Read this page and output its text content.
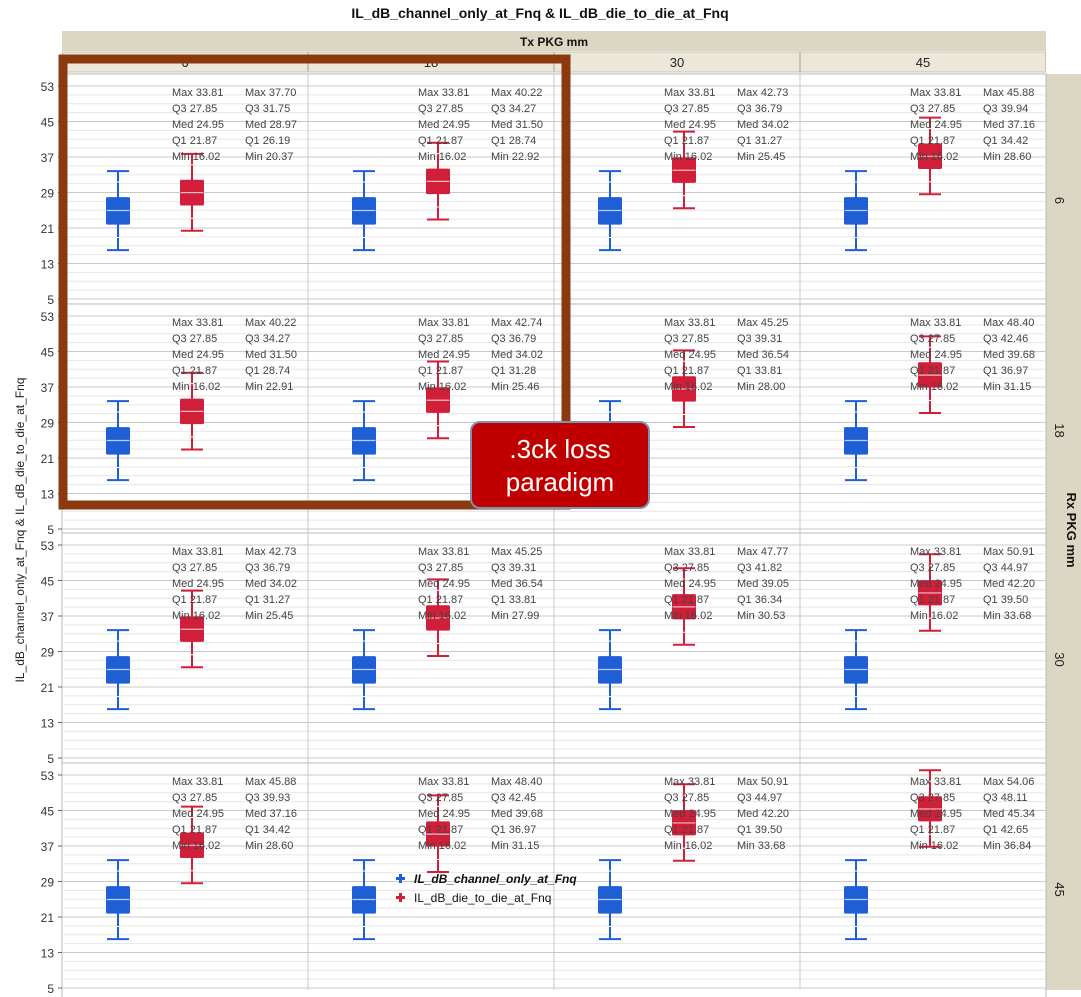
IL_dB_channel_only_at_Fnq & IL_dB_die_to_die_at_Fnq
Tx PKG mm
6	18	30	45
Rx PKG mm
6
18
30
45
IL_dB_channel_only_at_Fnq & IL_dB_die_to_die_at_Fnq
5
13
21
29
37
45
53
5
13
21
29
37
45
53
5
13
21
29
37
45
53
5
13
21
29
37
45
53
Max 33.81 Max 37.70
Q3 27.85	Q3 31.75
Med 24.95 Med 28.97
Q1 21.87	Q1 26.19
Min 16.02 Min 20.37
Max 33.81 Max 40.22
Q3 27.85	Q3 34.27
Med 24.95 Med 31.50
Q1 21.87	Q1 28.74
Min 16.02 Min 22.92
Max 33.81 Max 42.73
Q3 27.85	Q3 36.79
Med 24.95 Med 34.02
Q1 21.87	Q1 31.27
Min 16.02 Min 25.45
Max 33.81 Max 45.88
Q3 27.85	Q3 39.94
Med 24.95 Med 37.16
Q1 21.87	Q1 34.42
Min 16.02 Min 28.60
Max 33.81 Max 40.22
Q3 27.85	Q3 34.27
Med 24.95 Med 31.50
Q1 21.87	Q1 28.74
Min 16.02 Min 22.91
Max 33.81 Max 42.74
Q3 27.85	Q3 36.79
Med 24.95 Med 34.02
Q1 21.87	Q1 31.28
Min 16.02 Min 25.46
Max 33.81 Max 45.25
Q3 27.85	Q3 39.31
Med 24.95 Med 36.54
Q1 21.87	Q1 33.81
Min 16.02 Min 28.00
Max 33.81 Max 48.40
Q3 27.85	Q3 42.46
Med 24.95 Med 39.68
Q1 21.87	Q1 36.97
Min 16.02 Min 31.15
Max 33.81 Max 42.73
Q3 27.85	Q3 36.79
Med 24.95 Med 34.02
Q1 21.87	Q1 31.27
Min 16.02 Min 25.45
Max 33.81 Max 45.25
Q3 27.85	Q3 39.31
Med 24.95 Med 36.54
Q1 21.87	Q1 33.81
Min 16.02 Min 27.99
Max 33.81 Max 47.77
Q3 27.85	Q3 41.82
Med 24.95 Med 39.05
Q1 21.87	Q1 36.34
Min 16.02 Min 30.53
Max 33.81 Max 50.91
Q3 27.85	Q3 44.97
Med 24.95 Med 42.20
Q1 21.87	Q1 39.50
Min 16.02 Min 33.68
Max 33.81 Max 45.88
Q3 27.85	Q3 39.93
Med 24.95 Med 37.16
Q1 21.87	Q1 34.42
Min 16.02 Min 28.60
Max 33.81 Max 48.40
Q3 27.85	Q3 42.45
Med 24.95 Med 39.68
Q1 21.87	Q1 36.97
Min 16.02 Min 31.15
Max 33.81 Max 50.91
Q3 27.85	Q3 44.97
Med 24.95 Med 42.20
Q1 21.87	Q1 39.50
Min 16.02 Min 33.68
Max 33.81 Max 54.06
Q3 27.85	Q3 48.11
Med 24.95 Med 45.34
Q1 21.87	Q1 42.65
Min 16.02 Min 36.84
IL_dB_channel_only_at_Fnq
IL_dB_die_to_die_at_Fnq
.3ck loss
paradigm
